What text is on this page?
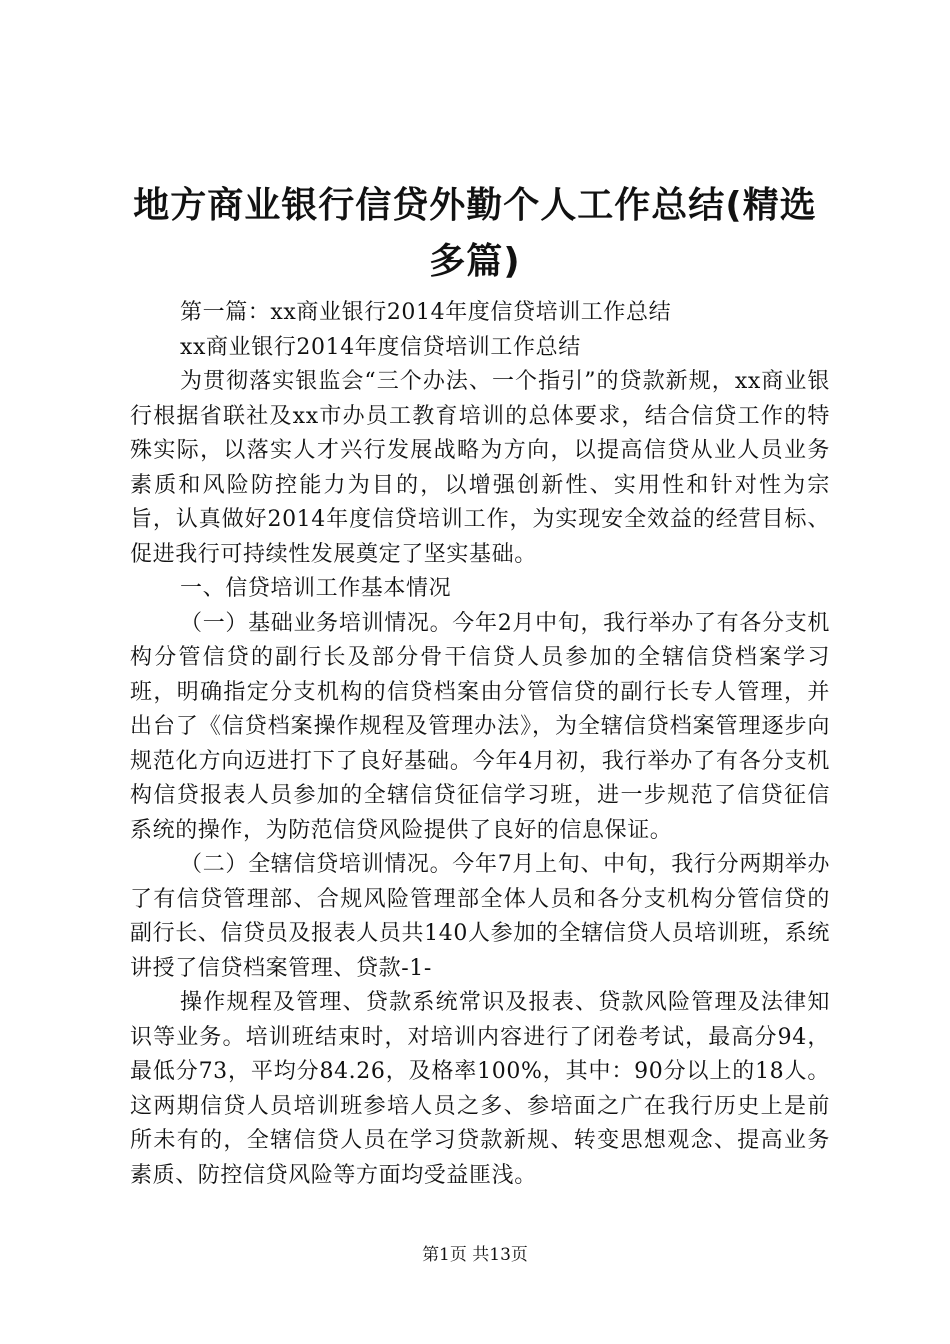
地方商业银行信贷外勤个人工作总结(精选多篇)

第一篇：xx商业银行2014年度信贷培训工作总结

xx商业银行2014年度信贷培训工作总结

为贯彻落实银监会“三个办法、一个指引”的贷款新规，xx商业银行根据省联社及xx市办员工教育培训的总体要求，结合信贷工作的特殊实际，以落实人才兴行发展战略为方向，以提高信贷从业人员业务素质和风险防控能力为目的，以增强创新性、实用性和针对性为宗旨，认真做好2014年度信贷培训工作，为实现安全效益的经营目标、促进我行可持续性发展奠定了坚实基础。

一、信贷培训工作基本情况

（一）基础业务培训情况。今年2月中旬，我行举办了有各分支机构分管信贷的副行长及部分骨干信贷人员参加的全辖信贷档案学习班，明确指定分支机构的信贷档案由分管信贷的副行长专人管理，并出台了《信贷档案操作规程及管理办法》，为全辖信贷档案管理逐步向规范化方向迈进打下了良好基础。今年4月初，我行举办了有各分支机构信贷报表人员参加的全辖信贷征信学习班，进一步规范了信贷征信系统的操作，为防范信贷风险提供了良好的信息保证。

（二）全辖信贷培训情况。今年7月上旬、中旬，我行分两期举办了有信贷管理部、合规风险管理部全体人员和各分支机构分管信贷的副行长、信贷员及报表人员共140人参加的全辖信贷人员培训班，系统讲授了信贷档案管理、贷款-1-

操作规程及管理、贷款系统常识及报表、贷款风险管理及法律知识等业务。培训班结束时，对培训内容进行了闭卷考试，最高分94，最低分73，平均分84.26，及格率100%，其中：90分以上的18人。这两期信贷人员培训班参培人员之多、参培面之广在我行历史上是前所未有的，全辖信贷人员在学习贷款新规、转变思想观念、提高业务素质、防控信贷风险等方面均受益匪浅。

第1页 共13页
